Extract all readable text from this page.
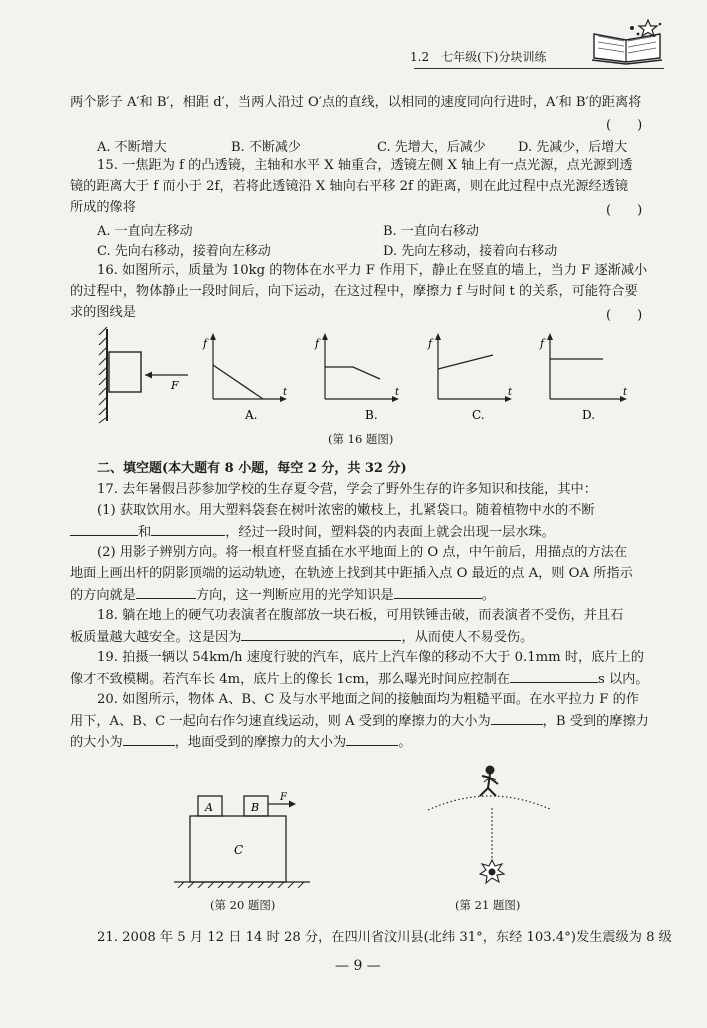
1.2　七年级(下)分块训练
两个影子 A′和 B′，相距 d′，当两人沿过 O′点的直线，以相同的速度同向行进时，A′和 B′的距离将
(　　)
A. 不断增大	B. 不断减少	C. 先增大，后减少 D. 先减少，后增大
15. 一焦距为 f 的凸透镜，主轴和水平 X 轴重合，透镜左侧 X 轴上有一点光源，点光源到透
镜的距离大于 f 而小于 2f，若将此透镜沿 X 轴向右平移 2f 的距离，则在此过程中点光源经透镜
所成的像将	(　　)
A. 一直向左移动	B. 一直向右移动
C. 先向右移动，接着向左移动	D. 先向左移动，接着向右移动
16. 如图所示，质量为 10kg 的物体在水平力 F 作用下，静止在竖直的墙上，当力 F 逐渐减小
的过程中，物体静止一段时间后，向下运动，在这过程中，摩擦力 f 与时间 t 的关系，可能符合要
求的图线是	(　　)
F
f
t
A.
f
t
B.
f
t
C.
f
t
D.
(第 16 题图)
二、填空题(本大题有 8 小题，每空 2 分，共 32 分)
17. 去年暑假吕莎参加学校的生存夏令营，学会了野外生存的许多知识和技能，其中：
(1) 获取饮用水。用大塑料袋套在树叶浓密的嫩枝上，扎紧袋口。随着植物中水的不断
和	，经过一段时间，塑料袋的内表面上就会出现一层水珠。
(2) 用影子辨别方向。将一根直杆竖直插在水平地面上的 O 点，中午前后，用描点的方法在
地面上画出杆的阴影顶端的运动轨迹，在轨迹上找到其中距插入点 O 最近的点 A，则 OA 所指示
的方向就是	方向，这一判断应用的光学知识是	。
18. 躺在地上的硬气功表演者在腹部放一块石板，可用铁锤击破，而表演者不受伤，并且石
板质量越大越安全。这是因为	，从而使人不易受伤。
19. 拍摄一辆以 54km/h 速度行驶的汽车，底片上汽车像的移动不大于 0.1mm 时，底片上的
像才不致模糊。若汽车长 4m，底片上的像长 1cm，那么曝光时间应控制在	s 以内。
20. 如图所示，物体 A、B、C 及与水平地面之间的接触面均为粗糙平面。在水平拉力 F 的作
用下，A、B、C 一起向右作匀速直线运动，则 A 受到的摩擦力的大小为	，B 受到的摩擦力
的大小为	，地面受到的摩擦力的大小为	。
A	B
F
C
(第 20 题图)	(第 21 题图)
21. 2008 年 5 月 12 日 14 时 28 分，在四川省汶川县(北纬 31°，东经 103.4°)发生震级为 8 级
— 9 —
